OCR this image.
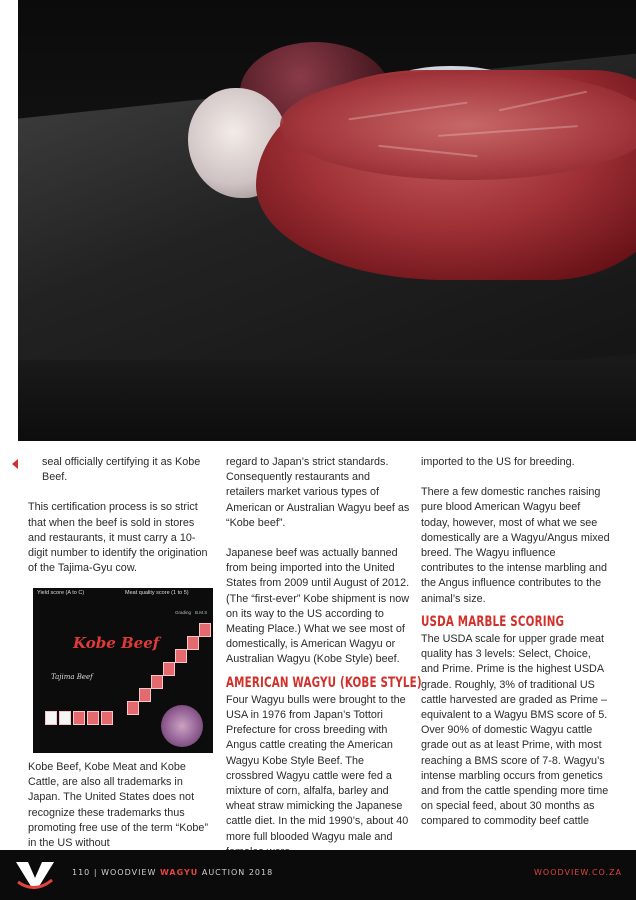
seal officially certifying it as Kobe Beef.

This certification process is so strict that when the beef is sold in stores and restaurants, it must carry a 10-digit number to identify the origination of the Tajima-Gyu cow.

Yield score (A to C)	Meat quality score (1 to 5)
Kobe Beef
Tajima Beef
Grading B.M.S

Kobe Beef, Kobe Meat and Kobe Cattle, are also all trademarks in Japan. The United States does not recognize these trademarks thus promoting free use of the term “Kobe” in the US without

regard to Japan’s strict standards. Consequently restaurants and retailers market various types of American or Australian Wagyu beef as “Kobe beef”.

Japanese beef was actually banned from being imported into the United States from 2009 until August of 2012. (The “first-ever” Kobe shipment is now on its way to the US according to Meating Place.) What we see most of domestically, is American Wagyu or Australian Wagyu (Kobe Style) beef.

AMERICAN WAGYU (KOBE STYLE)

Four Wagyu bulls were brought to the USA in 1976 from Japan’s Tottori Prefecture for cross breeding with Angus cattle creating the American Wagyu Kobe Style Beef. The crossbred Wagyu cattle were fed a mixture of corn, alfalfa, barley and wheat straw mimicking the Japanese cattle diet. In the mid 1990’s, about 40 more full blooded Wagyu male and

imported to the US for breeding.

There a few domestic ranches raising pure blood American Wagyu beef today, however, most of what we see domestically are a Wagyu/Angus mixed breed. The Wagyu influence contributes to the intense marbling and the Angus influence contributes to the animal’s size.

USDA MARBLE SCORING

The USDA scale for upper grade meat quality has 3 levels: Select, Choice, and Prime. Prime is the highest USDA grade. Roughly, 3% of traditional US cattle harvested are graded as Prime – equivalent to a Wagyu BMS score of 5. Over 90% of domestic Wagyu cattle grade out as at least Prime, with most reaching a BMS score of 7-8. Wagyu’s intense marbling occurs from genetics and from the cattle spending more time on special feed, about 30 months as compared to commodity beef cattle

110 | WOODVIEW WAGYU AUCTION 2018	WOODVIEW.CO.ZA
